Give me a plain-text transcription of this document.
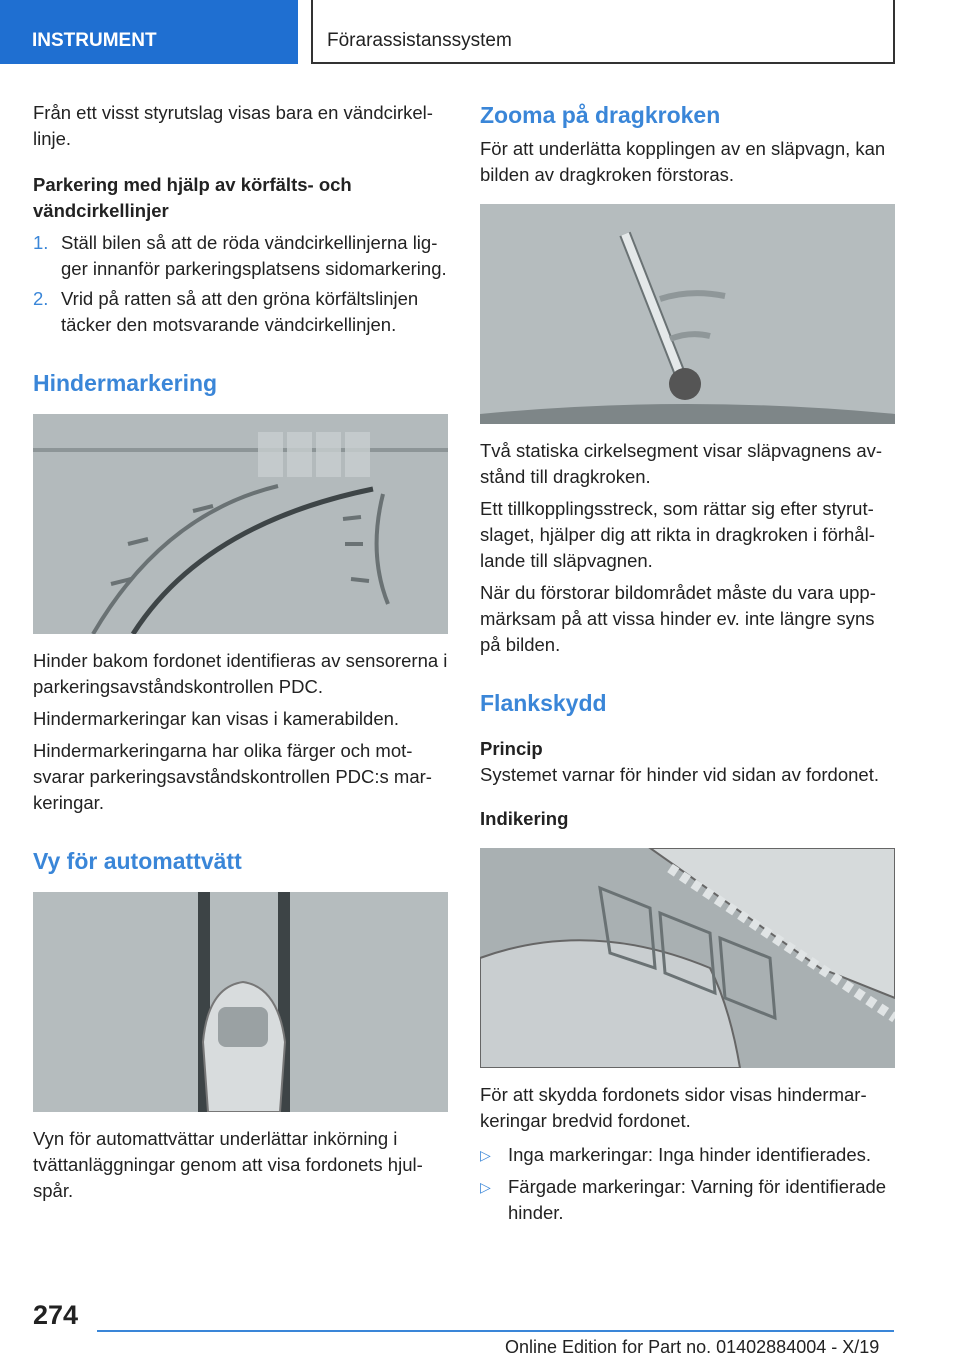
INSTRUMENT	Förarassistanssystem

Från ett visst styrutslag visas bara en vändcirkellinje.

Parkering med hjälp av körfälts- och vändcirkellinjer

1. Ställ bilen så att de röda vändcirkellinjerna ligger innanför parkeringsplatsens sidomarkering.
2. Vrid på ratten så att den gröna körfältslinjen täcker den motsvarande vändcirkellinjen.

Hindermarkering

Hinder bakom fordonet identifieras av sensorerna i parkeringsavståndskontrollen PDC.

Hindermarkeringar kan visas i kamerabilden.

Hindermarkeringarna har olika färger och motsvarar parkeringsavståndskontrollen PDC:s markeringar.

Vy för automattvätt

Vyn för automattvättar underlättar inkörning i tvättanläggningar genom att visa fordonets hjulspår.

Zooma på dragkroken

För att underlätta kopplingen av en släpvagn, kan bilden av dragkroken förstoras.

Två statiska cirkelsegment visar släpvagnens avstånd till dragkroken.

Ett tillkopplingsstreck, som rättar sig efter styrutslaget, hjälper dig att rikta in dragkroken i förhållande till släpvagnen.

När du förstorar bildområdet måste du vara uppmärksam på att vissa hinder ev. inte längre syns på bilden.

Flankskydd

Princip

Systemet varnar för hinder vid sidan av fordonet.

Indikering

För att skydda fordonets sidor visas hindermarkeringar bredvid fordonet.

▷ Inga markeringar: Inga hinder identifierades.
▷ Färgade markeringar: Varning för identifierade hinder.
274
Online Edition for Part no. 01402884004 - X/19
